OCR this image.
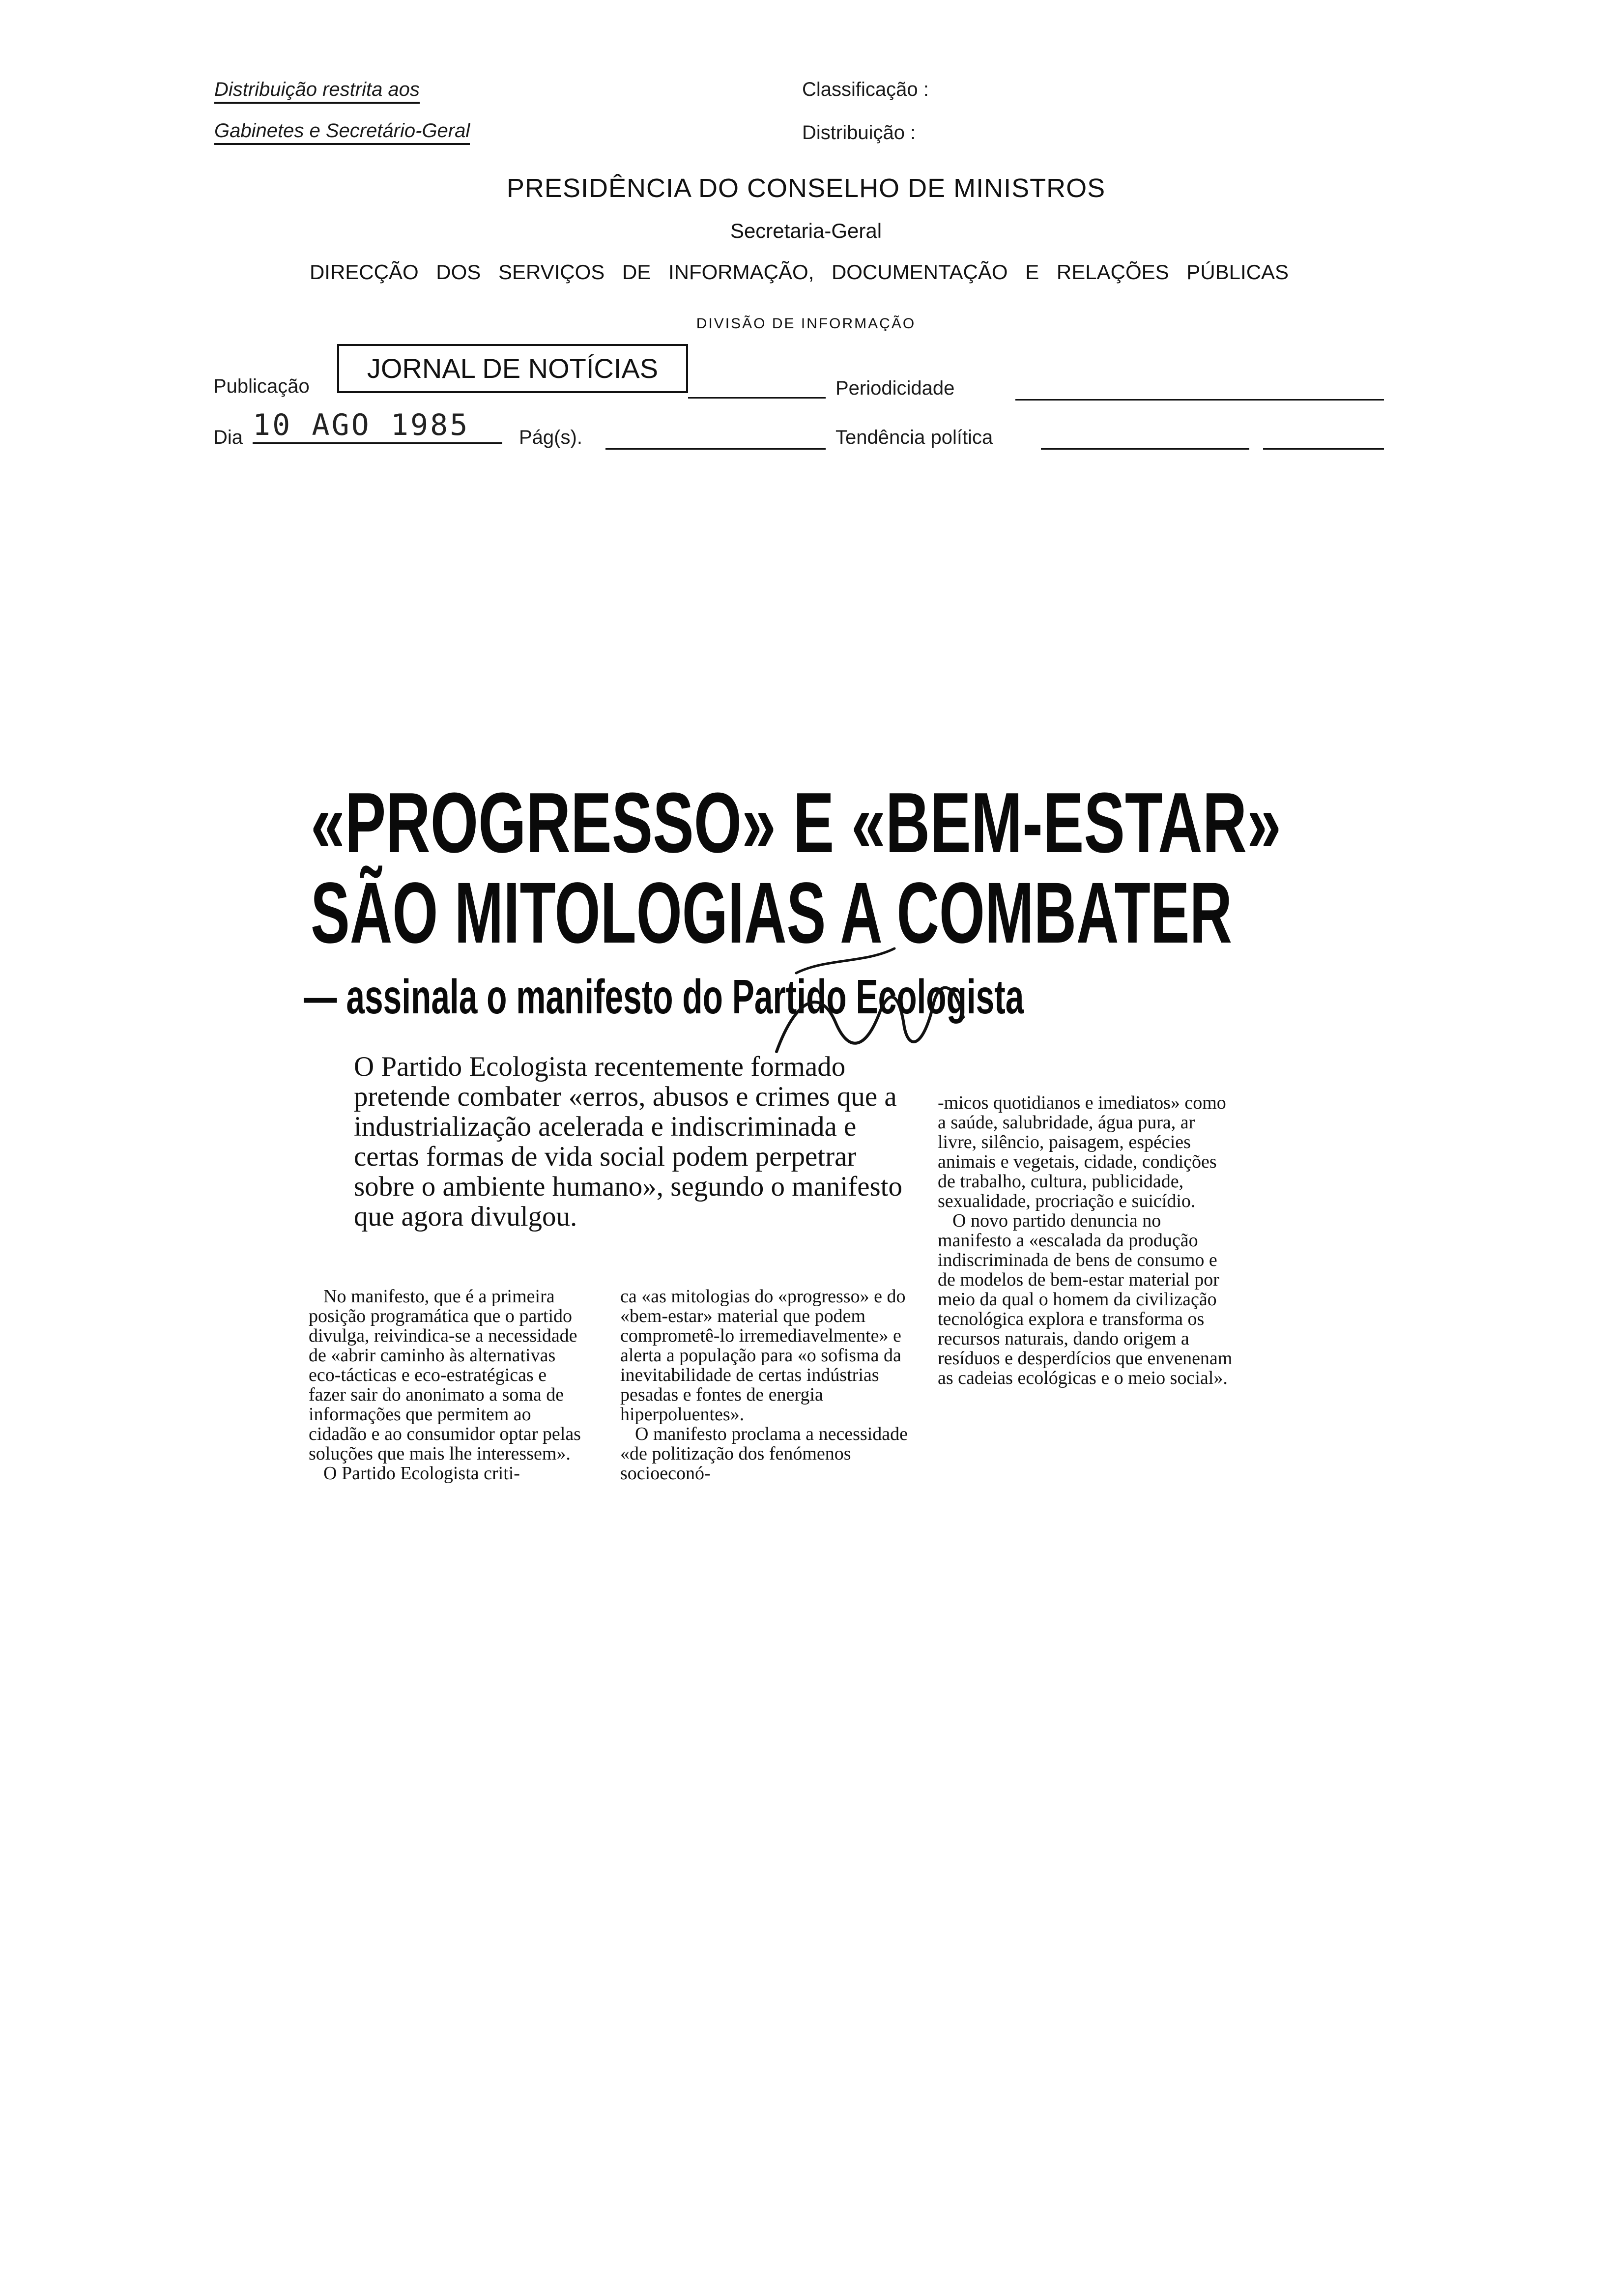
Distribuição restrita aos
Gabinetes e Secretário-Geral
Classificação :
Distribuição :
PRESIDÊNCIA DO CONSELHO DE MINISTROS
Secretaria-Geral
DIRECÇÃO DOS SERVIÇOS DE INFORMAÇÃO, DOCUMENTAÇÃO E RELAÇÕES PÚBLICAS
DIVISÃO DE INFORMAÇÃO
Publicação
JORNAL DE NOTÍCIAS
Periodicidade
Dia 10 AGO 1985	Pág(s).	Tendência política
«PROGRESSO» E «BEM-ESTAR»
SÃO MITOLOGIAS A COMBATER
— assinala o manifesto do Partido Ecologista
O Partido Ecologista recentemente formado pretende combater «erros, abusos e crimes que a industrialização acelerada e indiscriminada e certas formas de vida social podem perpetrar sobre o ambiente humano», segundo o manifesto que agora divulgou.

No manifesto, que é a primeira posição programática que o partido divulga, reivindica-se a necessidade de «abrir caminho às alternativas eco-tácticas e eco-estratégicas e fazer sair do anonimato a soma de informações que permitem ao cidadão e ao consumidor optar pelas soluções que mais lhe interessem».

O Partido Ecologista criti-

ca «as mitologias do «progresso» e do «bem-estar» material que podem comprometê-lo irremediavelmente» e alerta a população para «o sofisma da inevitabilidade de certas indústrias pesadas e fontes de energia hiperpoluentes».

O manifesto proclama a necessidade «de politização dos fenómenos socioeconó-

-micos quotidianos e imediatos» como a saúde, salubridade, água pura, ar livre, silêncio, paisagem, espécies animais e vegetais, cidade, condições de trabalho, cultura, publicidade, sexualidade, procriação e suicídio.

O novo partido denuncia no manifesto a «escalada da produção indiscriminada de bens de consumo e de modelos de bem-estar material por meio da qual o homem da civilização tecnológica explora e transforma os recursos naturais, dando origem a resíduos e desperdícios que envenenam as cadeias ecológicas e o meio social».
